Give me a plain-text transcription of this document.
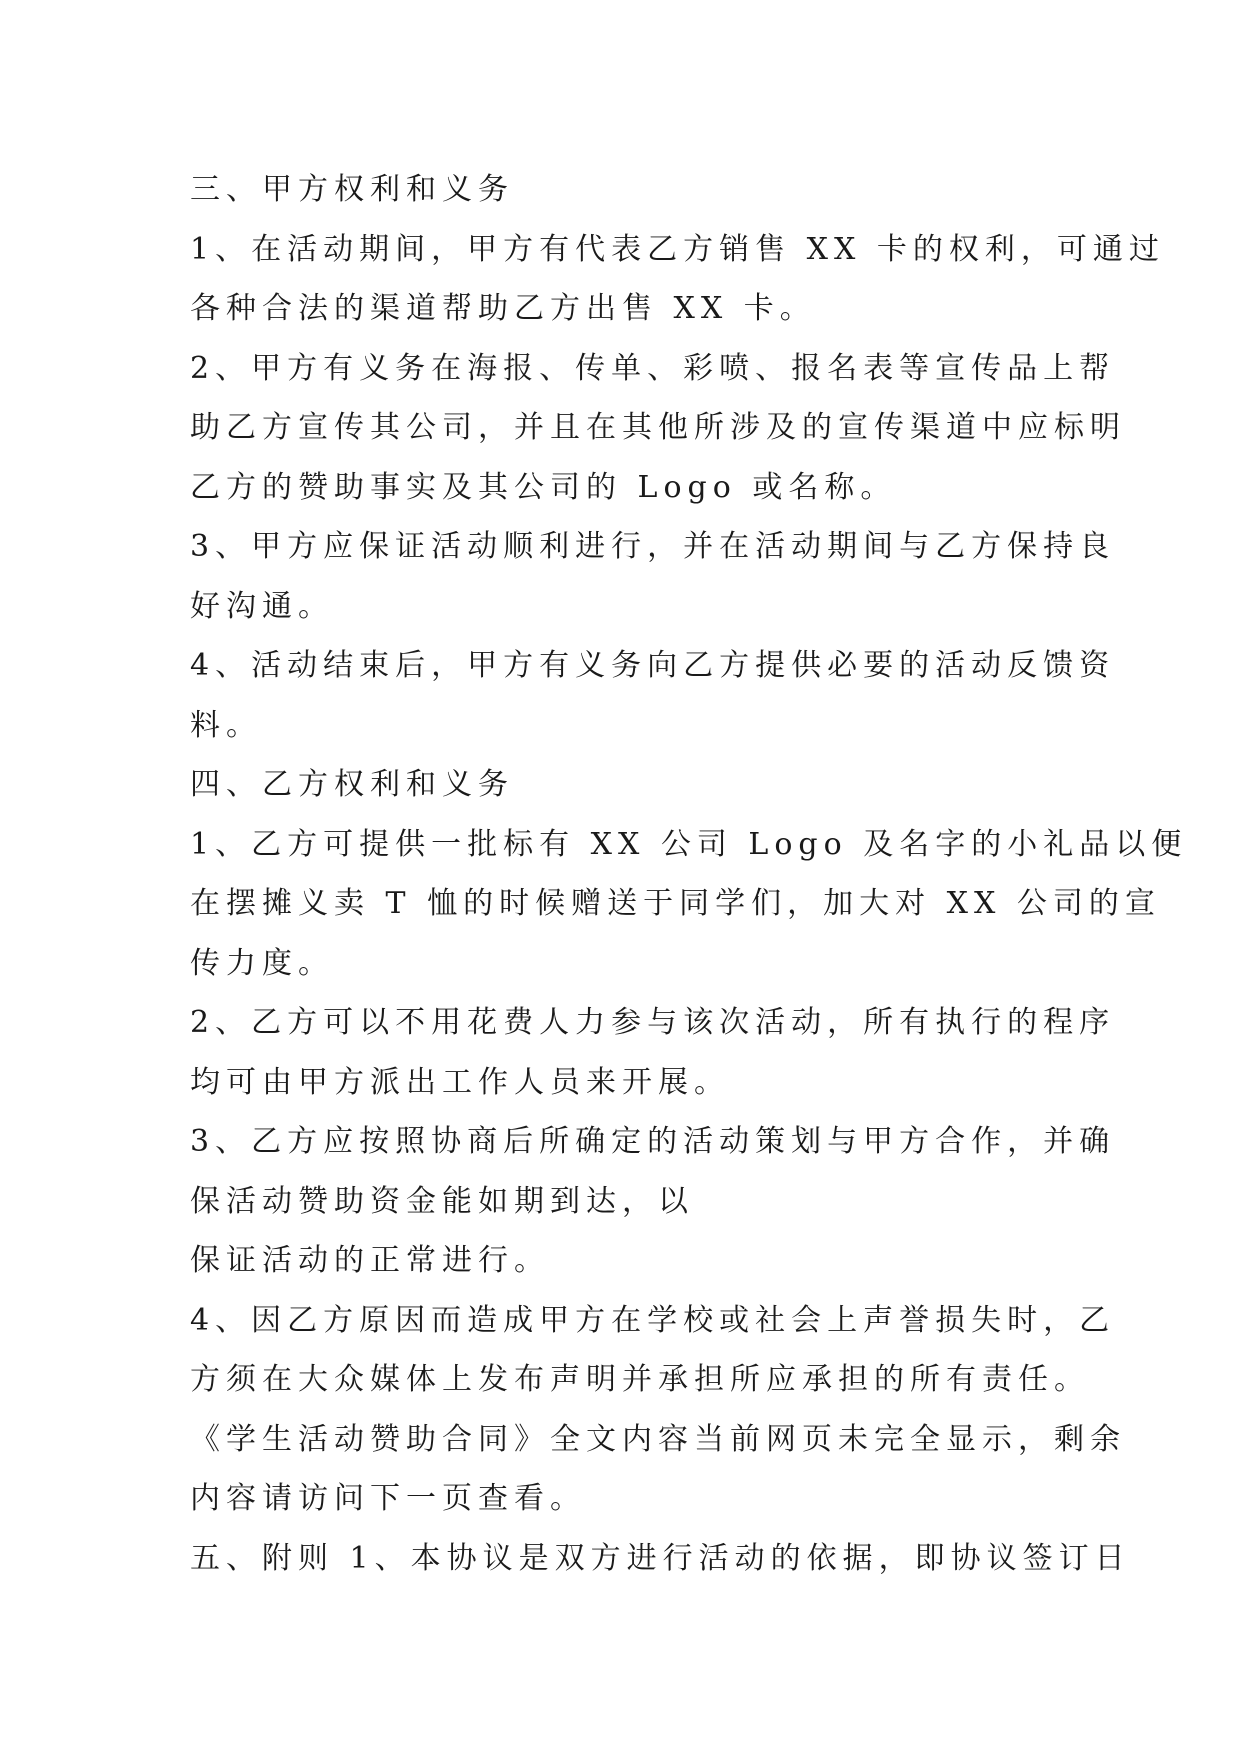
三、甲方权利和义务
1、在活动期间，甲方有代表乙方销售 XX 卡的权利，可通过
各种合法的渠道帮助乙方出售 XX 卡。
2、甲方有义务在海报、传单、彩喷、报名表等宣传品上帮
助乙方宣传其公司，并且在其他所涉及的宣传渠道中应标明
乙方的赞助事实及其公司的 Logo 或名称。
3、甲方应保证活动顺利进行，并在活动期间与乙方保持良
好沟通。
4、活动结束后，甲方有义务向乙方提供必要的活动反馈资
料。
四、乙方权利和义务
1、乙方可提供一批标有 XX 公司 Logo 及名字的小礼品以便
在摆摊义卖 T 恤的时候赠送于同学们，加大对 XX 公司的宣
传力度。
2、乙方可以不用花费人力参与该次活动，所有执行的程序
均可由甲方派出工作人员来开展。
3、乙方应按照协商后所确定的活动策划与甲方合作，并确
保活动赞助资金能如期到达，以
保证活动的正常进行。
4、因乙方原因而造成甲方在学校或社会上声誉损失时，乙
方须在大众媒体上发布声明并承担所应承担的所有责任。
《学生活动赞助合同》全文内容当前网页未完全显示，剩余
内容请访问下一页查看。
五、附则 1、本协议是双方进行活动的依据，即协议签订日
